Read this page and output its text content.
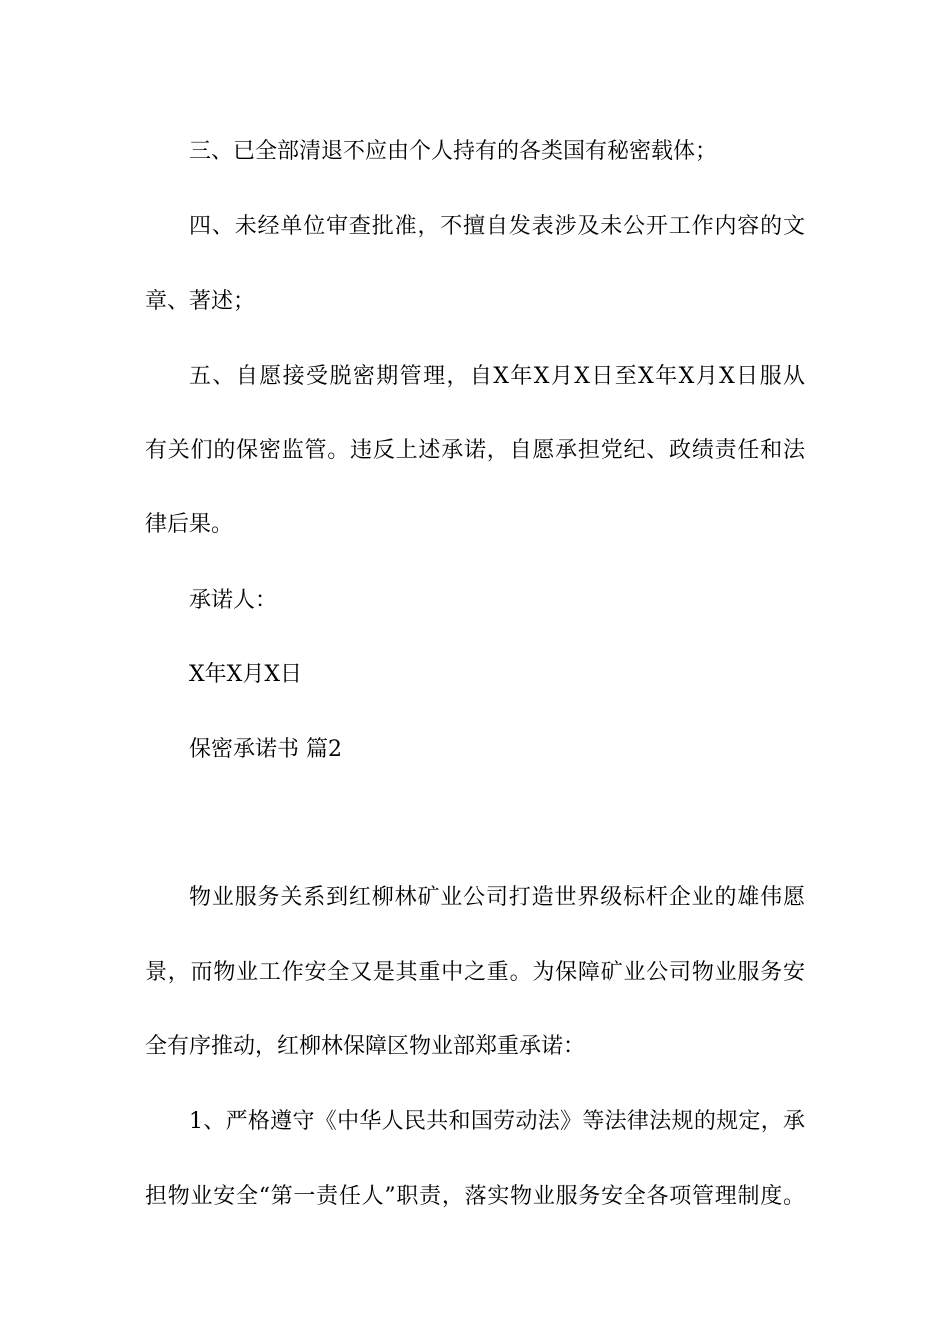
三、已全部清退不应由个人持有的各类国有秘密载体；
四、未经单位审查批准，不擅自发表涉及未公开工作内容的文
章、著述；
五、自愿接受脱密期管理，自X年X月X日至X年X月X日服从
有关们的保密监管。违反上述承诺，自愿承担党纪、政绩责任和法
律后果。
承诺人：
X年X月X日
保密承诺书 篇2
物业服务关系到红柳林矿业公司打造世界级标杆企业的雄伟愿
景，而物业工作安全又是其重中之重。为保障矿业公司物业服务安
全有序推动，红柳林保障区物业部郑重承诺：
1、严格遵守《中华人民共和国劳动法》等法律法规的规定，承
担物业安全“第一责任人”职责，落实物业服务安全各项管理制度。
